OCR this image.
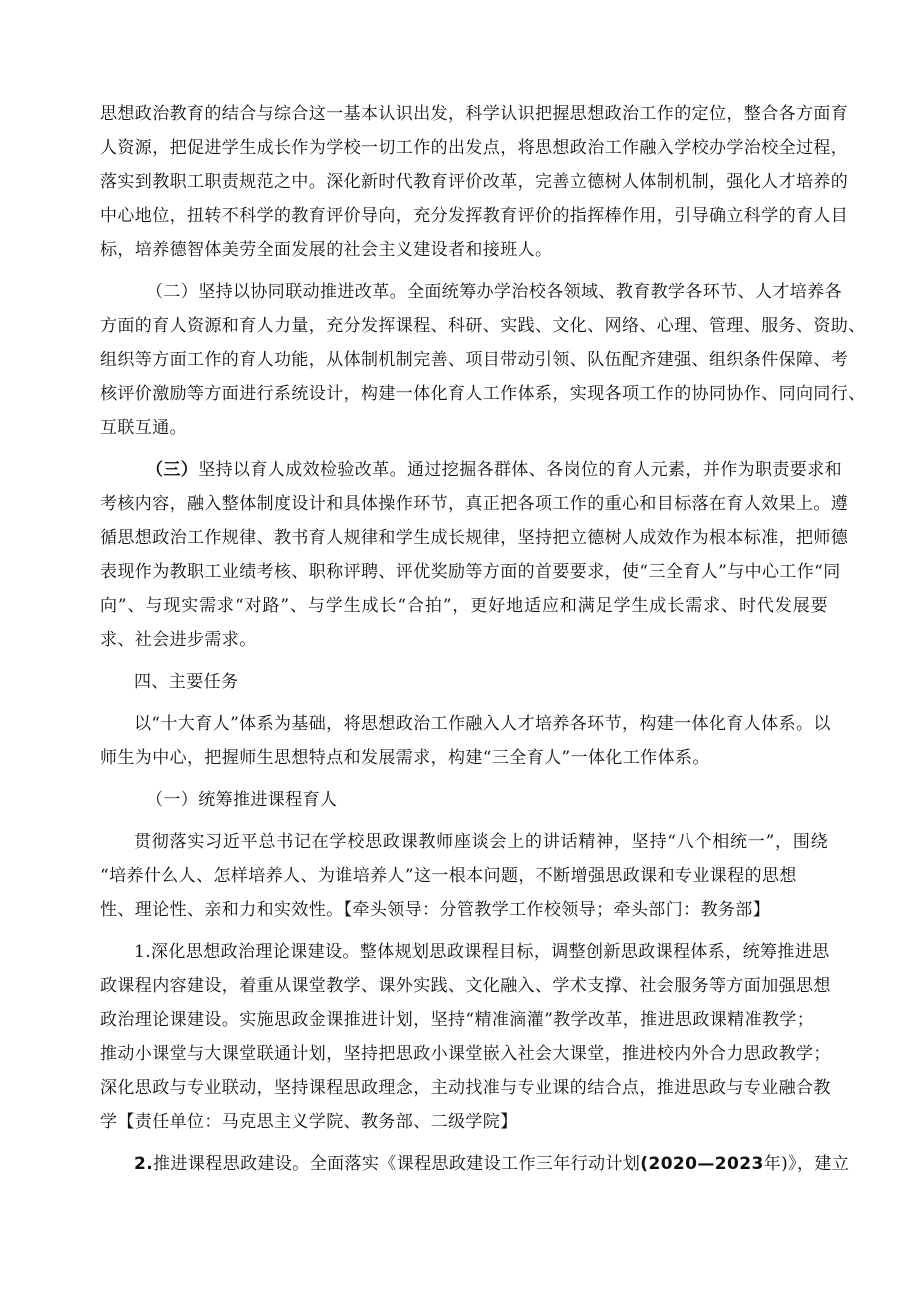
思想政治教育的结合与综合这一基本认识出发，科学认识把握思想政治工作的定位，整合各方面育
人资源，把促进学生成长作为学校一切工作的出发点，将思想政治工作融入学校办学治校全过程，
落实到教职工职责规范之中。深化新时代教育评价改革，完善立德树人体制机制，强化人才培养的
中心地位，扭转不科学的教育评价导向，充分发挥教育评价的指挥棒作用，引导确立科学的育人目
标，培养德智体美劳全面发展的社会主义建设者和接班人。
（二）坚持以协同联动推进改革。全面统筹办学治校各领域、教育教学各环节、人才培养各
方面的育人资源和育人力量，充分发挥课程、科研、实践、文化、网络、心理、管理、服务、资助、
组织等方面工作的育人功能，从体制机制完善、项目带动引领、队伍配齐建强、组织条件保障、考
核评价激励等方面进行系统设计，构建一体化育人工作体系，实现各项工作的协同协作、同向同行、
互联互通。
（三）坚持以育人成效检验改革。通过挖掘各群体、各岗位的育人元素，并作为职责要求和
考核内容，融入整体制度设计和具体操作环节，真正把各项工作的重心和目标落在育人效果上。遵
循思想政治工作规律、教书育人规律和学生成长规律，坚持把立德树人成效作为根本标准，把师德
表现作为教职工业绩考核、职称评聘、评优奖励等方面的首要要求，使“三全育人”与中心工作“同
向”、与现实需求“对路”、与学生成长“合拍”，更好地适应和满足学生成长需求、时代发展要
求、社会进步需求。
四、主要任务
以“十大育人”体系为基础，将思想政治工作融入人才培养各环节，构建一体化育人体系。以
师生为中心，把握师生思想特点和发展需求，构建“三全育人”一体化工作体系。
（一）统筹推进课程育人
贯彻落实习近平总书记在学校思政课教师座谈会上的讲话精神，坚持“八个相统一”，围绕
“培养什么人、怎样培养人、为谁培养人”这一根本问题，不断增强思政课和专业课程的思想
性、理论性、亲和力和实效性。【牵头领导：分管教学工作校领导；牵头部门：教务部】
1.深化思想政治理论课建设。整体规划思政课程目标，调整创新思政课程体系，统筹推进思
政课程内容建设，着重从课堂教学、课外实践、文化融入、学术支撑、社会服务等方面加强思想
政治理论课建设。实施思政金课推进计划，坚持“精准滴灌”教学改革，推进思政课精准教学；
推动小课堂与大课堂联通计划，坚持把思政小课堂嵌入社会大课堂，推进校内外合力思政教学；
深化思政与专业联动，坚持课程思政理念，主动找准与专业课的结合点，推进思政与专业融合教
学【责任单位：马克思主义学院、教务部、二级学院】
2.推进课程思政建设。全面落实《课程思政建设工作三年行动计划(2020—2023年)》，建立
